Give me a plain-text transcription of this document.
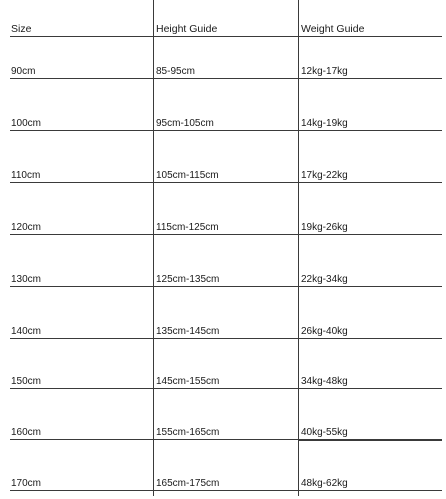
Size	Height Guide	Weight Guide
90cm	85-95cm	12kg-17kg
100cm	95cm-105cm	14kg-19kg
110cm	105cm-115cm	17kg-22kg
120cm	115cm-125cm	19kg-26kg
130cm	125cm-135cm	22kg-34kg
140cm	135cm-145cm	26kg-40kg
150cm	145cm-155cm	34kg-48kg
160cm	155cm-165cm	40kg-55kg
170cm	165cm-175cm	48kg-62kg
